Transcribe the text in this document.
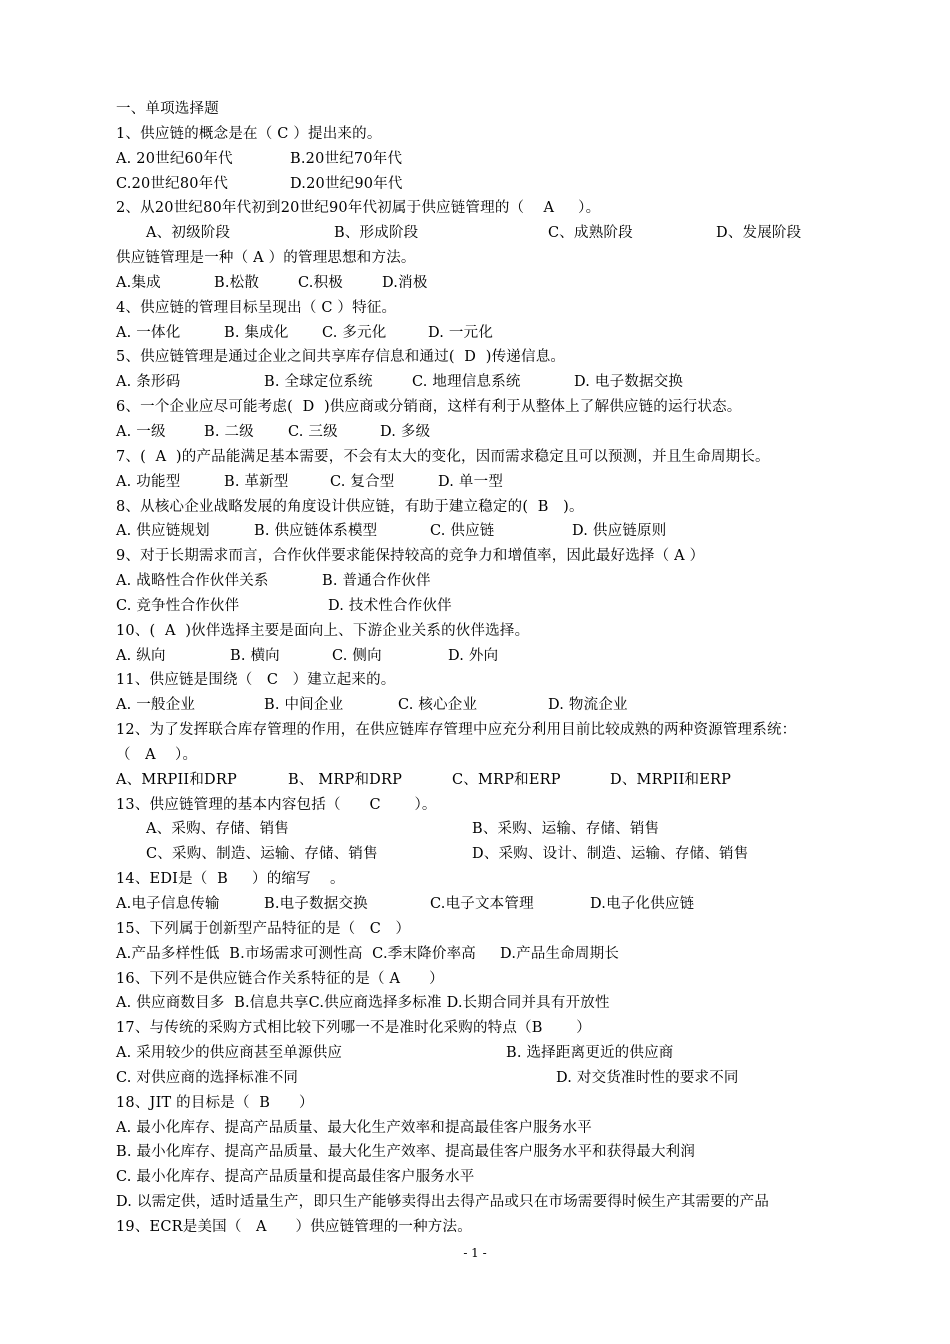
一、单项选择题
1、供应链的概念是在（ C ）提出来的。
A. 20世纪60年代	B.20世纪70年代
C.20世纪80年代	D.20世纪90年代
2、从20世纪80年代初到20世纪90年代初属于供应链管理的（    A     ）。
A、初级阶段	B、形成阶段	C、成熟阶段	D、发展阶段
供应链管理是一种（ A ）的管理思想和方法。
A.集成	B.松散	C.积极	D.消极
4、供应链的管理目标呈现出（ C ）特征。
A. 一体化	B. 集成化 C. 多元化	D. 一元化
5、供应链管理是通过企业之间共享库存信息和通过(  D  )传递信息。
A. 条形码	B. 全球定位系统	C. 地理信息系统	D. 电子数据交换
6、一个企业应尽可能考虑(  D  )供应商或分销商，这样有利于从整体上了解供应链的运行状态。
A. 一级	B. 二级 C. 三级	D. 多级
7、(  A  )的产品能满足基本需要，不会有太大的变化，因而需求稳定且可以预测，并且生命周期长。
A. 功能型	B. 革新型	C. 复合型	D. 单一型
8、从核心企业战略发展的角度设计供应链，有助于建立稳定的(  B   )。
A. 供应链规划	B. 供应链体系模型	C. 供应链	D. 供应链原则
9、对于长期需求而言，合作伙伴要求能保持较高的竞争力和增值率，因此最好选择（ A ）
A. 战略性合作伙伴关系	B. 普通合作伙伴
C. 竞争性合作伙伴	D. 技术性合作伙伴
10、(  A  )伙伴选择主要是面向上、下游企业关系的伙伴选择。
A. 纵向	B. 横向	C. 侧向	D. 外向
11、供应链是围绕（   C   ）建立起来的。
A. 一般企业	B. 中间企业	C. 核心企业	D. 物流企业
12、为了发挥联合库存管理的作用，在供应链库存管理中应充分利用目前比较成熟的两种资源管理系统：
（   A    ）。
A、MRPII和DRP	B、 MRP和DRP	C、MRP和ERP	D、MRPII和ERP
13、供应链管理的基本内容包括（      C       ）。
A、采购、存储、销售	B、采购、运输、存储、销售
C、采购、制造、运输、存储、销售	D、采购、设计、制造、运输、存储、销售
14、EDI是（  B     ）的缩写    。
A.电子信息传输	B.电子数据交换	C.电子文本管理	D.电子化供应链
15、下列属于创新型产品特征的是（   C   ）
A.产品多样性低  B.市场需求可测性高  C.季末降价率高     D.产品生命周期长
16、下列不是供应链合作关系特征的是（ A      ）
A. 供应商数目多  B.信息共享C.供应商选择多标准 D.长期合同并具有开放性
17、与传统的采购方式相比较下列哪一不是准时化采购的特点（B       ）
A. 采用较少的供应商甚至单源供应	B. 选择距离更近的供应商
C. 对供应商的选择标准不同	D. 对交货准时性的要求不同
18、JIT 的目标是（  B      ）
A. 最小化库存、提高产品质量、最大化生产效率和提高最佳客户服务水平
B. 最小化库存、提高产品质量、最大化生产效率、提高最佳客户服务水平和获得最大利润
C. 最小化库存、提高产品质量和提高最佳客户服务水平
D. 以需定供，适时适量生产，即只生产能够卖得出去得产品或只在市场需要得时候生产其需要的产品
19、ECR是美国（   A      ）供应链管理的一种方法。
- 1 -
